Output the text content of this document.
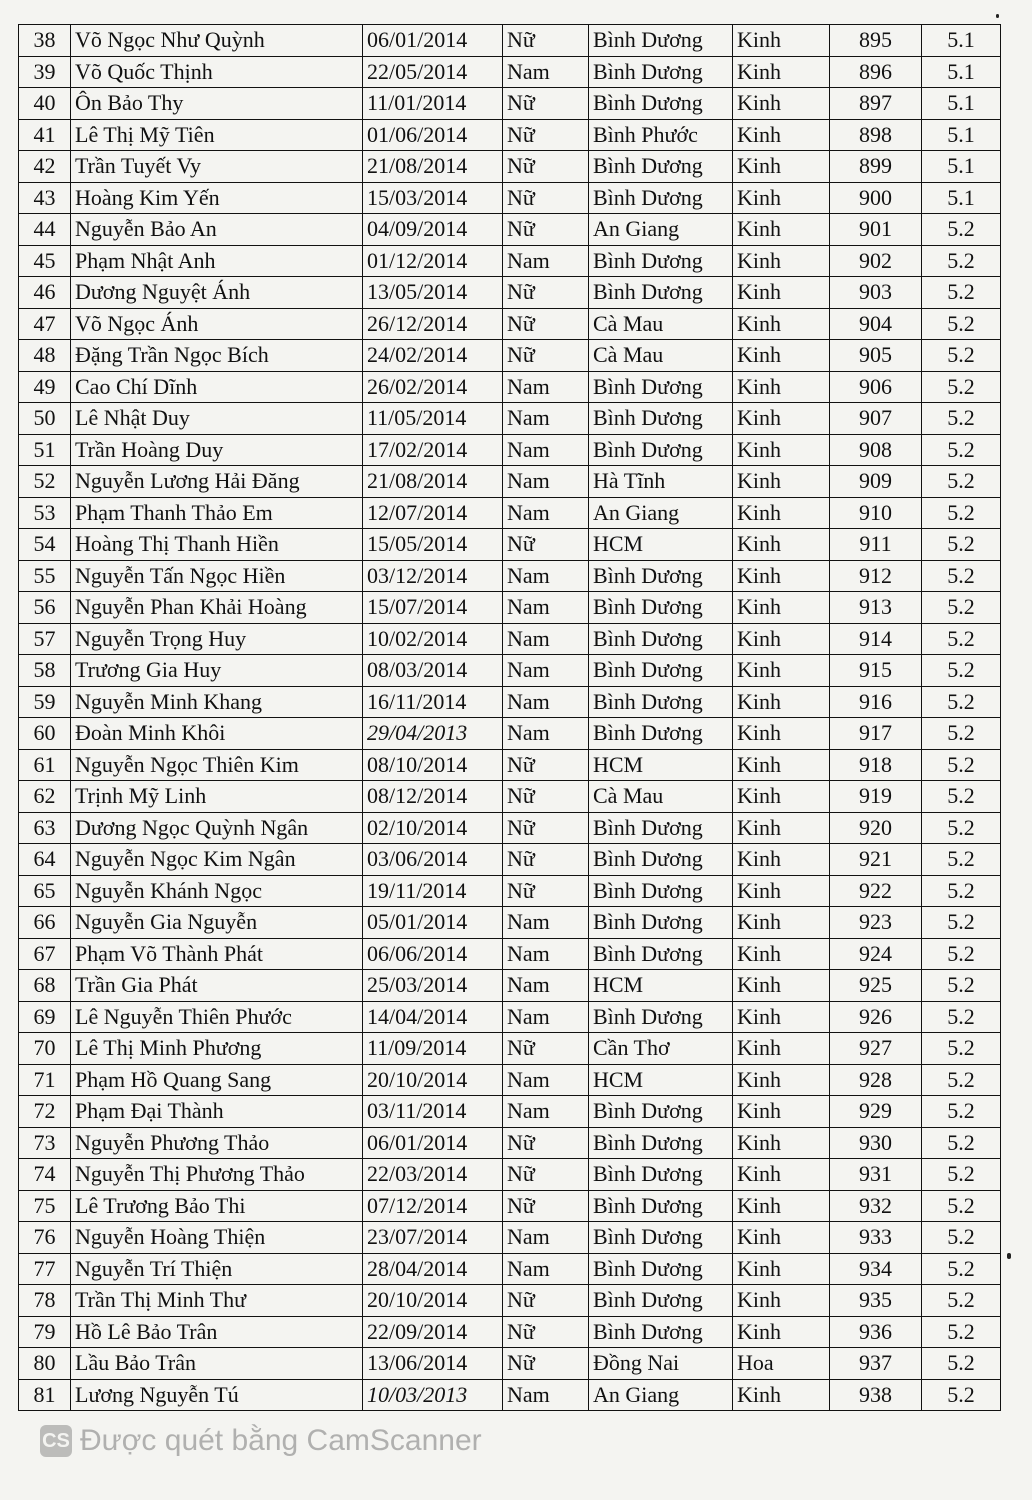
38	Võ Ngọc Như Quỳnh	06/01/2014	Nữ	Bình Dương	Kinh	895	5.1
39	Võ Quốc Thịnh	22/05/2014	Nam	Bình Dương	Kinh	896	5.1
40	Ôn Bảo Thy	11/01/2014	Nữ	Bình Dương	Kinh	897	5.1
41	Lê Thị Mỹ Tiên	01/06/2014	Nữ	Bình Phước	Kinh	898	5.1
42	Trần Tuyết Vy	21/08/2014	Nữ	Bình Dương	Kinh	899	5.1
43	Hoàng Kim Yến	15/03/2014	Nữ	Bình Dương	Kinh	900	5.1
44	Nguyễn Bảo An	04/09/2014	Nữ	An Giang	Kinh	901	5.2
45	Phạm Nhật Anh	01/12/2014	Nam	Bình Dương	Kinh	902	5.2
46	Dương Nguyệt Ánh	13/05/2014	Nữ	Bình Dương	Kinh	903	5.2
47	Võ Ngọc Ánh	26/12/2014	Nữ	Cà Mau	Kinh	904	5.2
48	Đặng Trần Ngọc Bích	24/02/2014	Nữ	Cà Mau	Kinh	905	5.2
49	Cao Chí Dĩnh	26/02/2014	Nam	Bình Dương	Kinh	906	5.2
50	Lê Nhật Duy	11/05/2014	Nam	Bình Dương	Kinh	907	5.2
51	Trần Hoàng Duy	17/02/2014	Nam	Bình Dương	Kinh	908	5.2
52	Nguyễn Lương Hải Đăng	21/08/2014	Nam	Hà Tĩnh	Kinh	909	5.2
53	Phạm Thanh Thảo Em	12/07/2014	Nam	An Giang	Kinh	910	5.2
54	Hoàng Thị Thanh Hiền	15/05/2014	Nữ	HCM	Kinh	911	5.2
55	Nguyễn Tấn Ngọc Hiền	03/12/2014	Nam	Bình Dương	Kinh	912	5.2
56	Nguyễn Phan Khải Hoàng	15/07/2014	Nam	Bình Dương	Kinh	913	5.2
57	Nguyễn Trọng Huy	10/02/2014	Nam	Bình Dương	Kinh	914	5.2
58	Trương Gia Huy	08/03/2014	Nam	Bình Dương	Kinh	915	5.2
59	Nguyễn Minh Khang	16/11/2014	Nam	Bình Dương	Kinh	916	5.2
60	Đoàn Minh Khôi	29/04/2013	Nam	Bình Dương	Kinh	917	5.2
61	Nguyễn Ngọc Thiên Kim	08/10/2014	Nữ	HCM	Kinh	918	5.2
62	Trịnh Mỹ Linh	08/12/2014	Nữ	Cà Mau	Kinh	919	5.2
63	Dương Ngọc Quỳnh Ngân	02/10/2014	Nữ	Bình Dương	Kinh	920	5.2
64	Nguyễn Ngọc Kim Ngân	03/06/2014	Nữ	Bình Dương	Kinh	921	5.2
65	Nguyễn Khánh Ngọc	19/11/2014	Nữ	Bình Dương	Kinh	922	5.2
66	Nguyễn Gia Nguyễn	05/01/2014	Nam	Bình Dương	Kinh	923	5.2
67	Phạm Võ Thành Phát	06/06/2014	Nam	Bình Dương	Kinh	924	5.2
68	Trần Gia Phát	25/03/2014	Nam	HCM	Kinh	925	5.2
69	Lê Nguyễn Thiên Phước	14/04/2014	Nam	Bình Dương	Kinh	926	5.2
70	Lê Thị Minh Phương	11/09/2014	Nữ	Cần Thơ	Kinh	927	5.2
71	Phạm Hồ Quang Sang	20/10/2014	Nam	HCM	Kinh	928	5.2
72	Phạm Đại Thành	03/11/2014	Nam	Bình Dương	Kinh	929	5.2
73	Nguyễn Phương Thảo	06/01/2014	Nữ	Bình Dương	Kinh	930	5.2
74	Nguyễn Thị Phương Thảo	22/03/2014	Nữ	Bình Dương	Kinh	931	5.2
75	Lê Trương Bảo Thi	07/12/2014	Nữ	Bình Dương	Kinh	932	5.2
76	Nguyễn Hoàng Thiện	23/07/2014	Nam	Bình Dương	Kinh	933	5.2
77	Nguyễn Trí Thiện	28/04/2014	Nam	Bình Dương	Kinh	934	5.2
78	Trần Thị Minh Thư	20/10/2014	Nữ	Bình Dương	Kinh	935	5.2
79	Hồ Lê Bảo Trân	22/09/2014	Nữ	Bình Dương	Kinh	936	5.2
80	Lầu Bảo Trân	13/06/2014	Nữ	Đồng Nai	Hoa	937	5.2
81	Lương Nguyễn Tú	10/03/2013	Nam	An Giang	Kinh	938	5.2
CS Được quét bằng CamScanner
